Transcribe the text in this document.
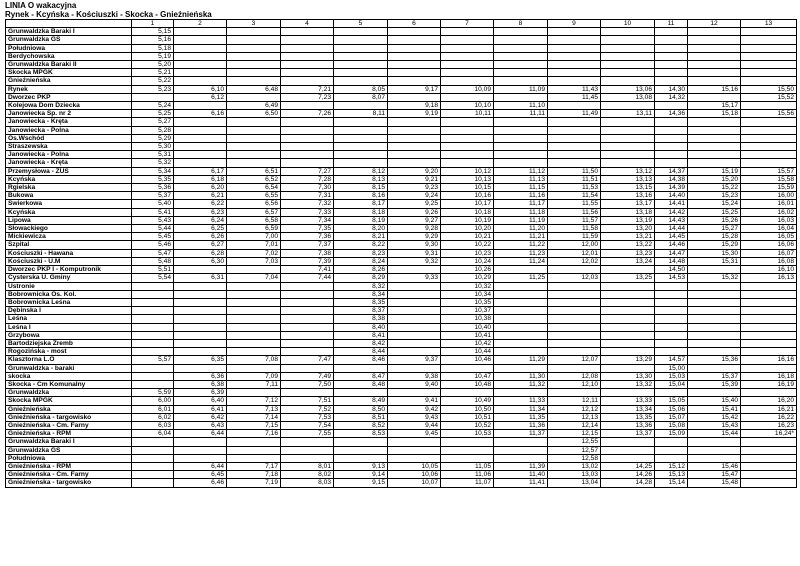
LINIA O wakacyjna
Rynek - Kcyńska - Kościuszki - Skocka - Gnieźnieńska
	1	2	3	4	5	6	7	8	9	10	11	12	13
Grunwaldzka Baraki I	5,15												
Grunwaldzka GS	5,16												
Południowa	5,18												
Berdychowska	5,19												
Grunwaldzka Baraki II	5,20												
Skocka MPGK	5,21												
Gnieźnieńska	5,22												
Rynek	5,23	6,10	6,48	7,21	8,05	9,17	10,09	11,09	11,43	13,06	14,30	15,16	15,50
Dworzec PKP		6,12		7,23	8,07				11,45	13,08	14,32		15,52
Kolejowa Dom Dziecka	5,24		6,49			9,18	10,10	11,10				15,17	
Janowiecka Sp. nr 2	5,25	6,16	6,50	7,26	8,11	9,19	10,11	11,11	11,49	13,11	14,36	15,18	15,56
Janowiecka - Kręta	5,27												
Janowiecka - Polna	5,28												
Os.Wschód	5,29												
Straszewska	5,30												
Janowiecka - Polna	5,31												
Janowiecka - Kręta	5,32												
Przemysłowa - ZUS	5,34	6,17	6,51	7,27	8,12	9,20	10,12	11,12	11,50	13,12	14,37	15,19	15,57
Kcyńska	5,35	6,18	6,52	7,28	8,13	9,21	10,13	11,13	11,51	13,13	14,38	15,20	15,58
Rgielska	5,36	6,20	6,54	7,30	8,15	9,23	10,15	11,15	11,53	13,15	14,39	15,22	15,59
Bukowa	5,37	6,21	6,55	7,31	8,16	9,24	10,16	11,16	11,54	13,16	14,40	15,23	16,00
Świerkowa	5,40	6,22	6,56	7,32	8,17	9,25	10,17	11,17	11,55	13,17	14,41	15,24	16,01
Kcyńska	5,41	6,23	6,57	7,33	8,18	9,26	10,18	11,18	11,56	13,18	14,42	15,25	16,02
Lipowa	5,43	6,24	6,58	7,34	8,19	9,27	10,19	11,19	11,57	13,19	14,43	15,26	16,03
Słowackiego	5,44	6,25	6,59	7,35	8,20	9,28	10,20	11,20	11,58	13,20	14,44	15,27	16,04
Mickiewicza	5,45	6,26	7,00	7,36	8,21	9,29	10,21	11,21	11,59	13,21	14,45	15,28	16,05
Szpital	5,46	6,27	7,01	7,37	8,22	9,30	10,22	11,22	12,00	13,22	14,46	15,29	16,06
Kościuszki - Hawana	5,47	6,28	7,02	7,38	8,23	9,31	10,23	11,23	12,01	13,23	14,47	15,30	16,07
Kościuszki - U.M	5,48	6,30	7,03	7,39	8,24	9,32	10,24	11,24	12,02	13,24	14,48	15,31	16,08
Dworzec PKP I - Komputronik	5,51			7,41	8,26		10,26				14,50		16,10
Cysterska U. Gminy	5,54	6,31	7,04	7,44	8,29	9,33	10,29	11,25	12,03	13,25	14,53	15,32	16,13
Ustronie					8,32		10,32						
Bobrownicka Os. Kol.					8,34		10,34						
Bobrownicka Leśna					8,35		10,35						
Dębinska I					8,37		10,37						
Leśna					8,38		10,38						
Leśna I					8,40		10,40						
Grzybowa					8,41		10,41						
Bartodziejska Zremb					8,42		10,42						
Rogozińska - most					8,44		10,44						
Klasztorna L.O	5,57	6,35	7,08	7,47	8,46	9,37	10,46	11,29	12,07	13,29	14,57	15,36	16,16
Grunwaldzka - baraki											15,00		
skocka		6,36	7,09	7,49	8,47	9,38	10,47	11,30	12,08	13,30	15,03	15,37	16,18
Skocka - Cm Komunalny		6,38	7,11	7,50	8,48	9,40	10,48	11,32	12,10	13,32	15,04	15,39	16,19
Grunwaldzka	5,59	6,39											
Skocka MPGK	6,00	6,40	7,12	7,51	8,49	9,41	10,49	11,33	12,11	13,33	15,05	15,40	16,20
Gnieźnieńska	6,01	6,41	7,13	7,52	8,50	9,42	10,50	11,34	12,12	13,34	15,06	15,41	16,21
Gnieźnieńska - targowisko	6,02	6,42	7,14	7,53	8,51	9,43	10,51	11,35	12,13	13,35	15,07	15,42	16,22
Gnieźnieńska - Cm. Farny	6,03	6,43	7,15	7,54	8,52	9,44	10,52	11,36	12,14	13,36	15,08	15,43	16,23
Gnieźnieńska - RPM	6,04	6,44	7,16	7,55	8,53	9,45	10,53	11,37	12,15	13,37	15,09	15,44	16,24*
Grunwaldzka Baraki I									12,55				
Grunwaldzka GS									12,57				
Południowa									12,58				
Gnieźnieńska - RPM		6,44	7,17	8,01	9,13	10,05	11,05	11,39	13,02	14,25	15,12	15,46	
Gnieźnieńska - Cm. Farny		6,45	7,18	8,02	9,14	10,06	11,06	11,40	13,03	14,26	15,13	15,47	
Gnieźnieńska - targowisko		6,46	7,19	8,03	9,15	10,07	11,07	11,41	13,04	14,28	15,14	15,48	
